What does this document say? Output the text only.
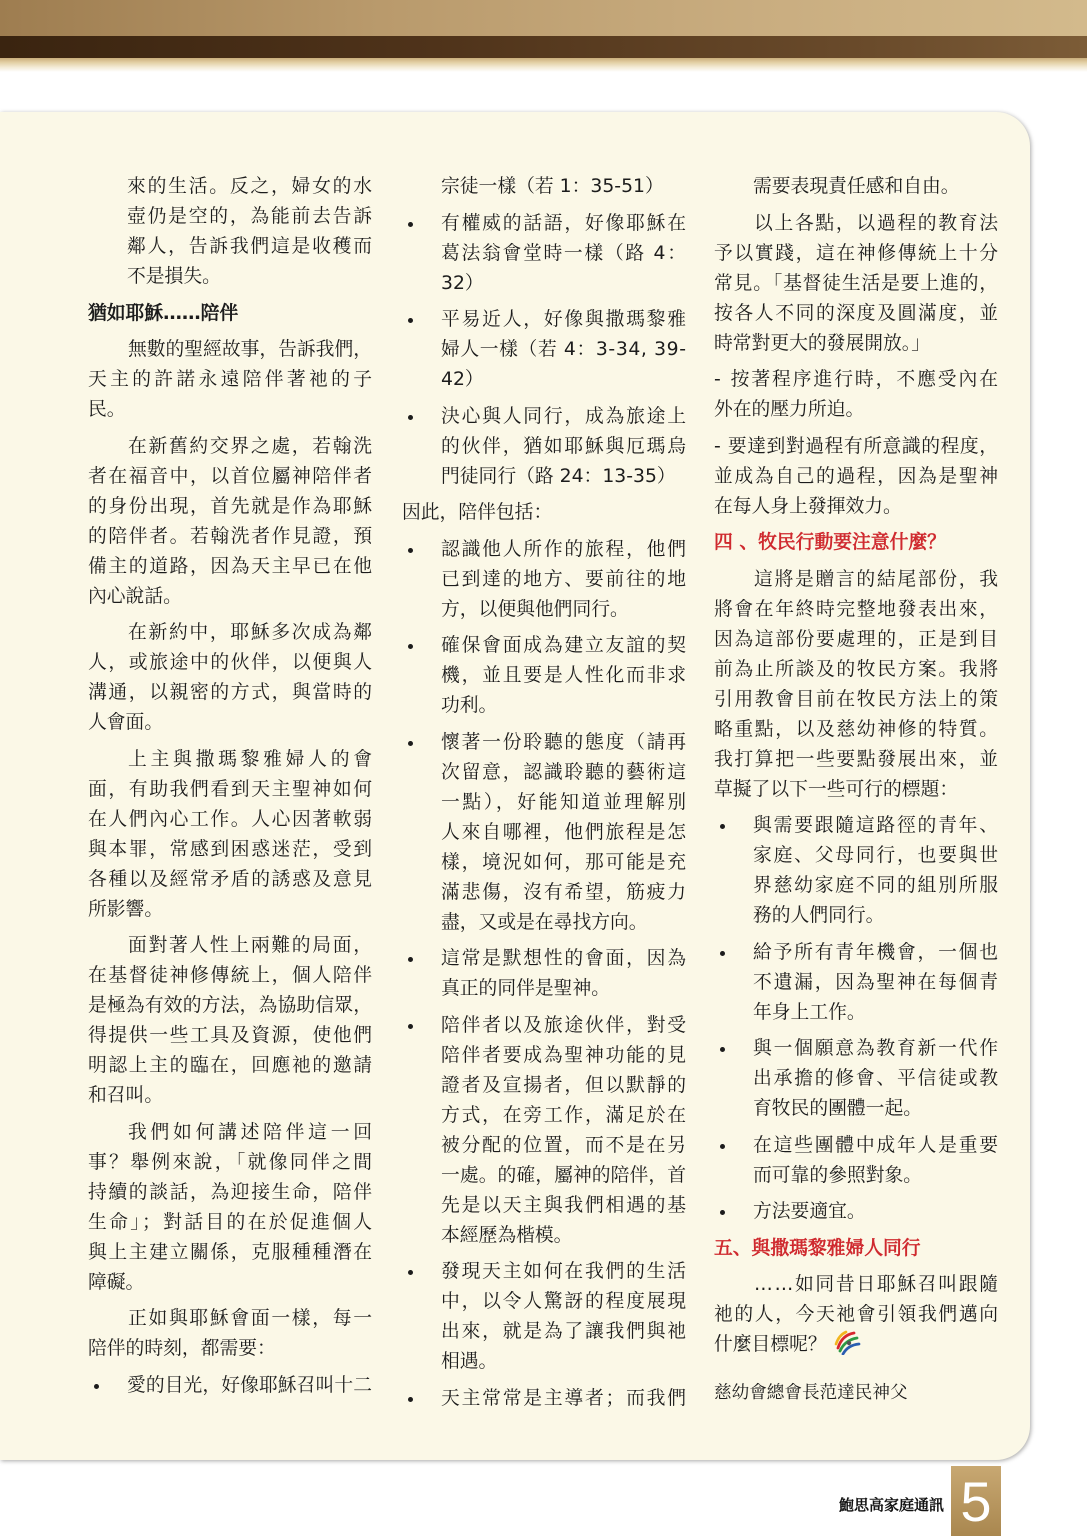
來的生活。反之，婦女的水
壺仍是空的，為能前去告訴
鄰人，告訴我們這是收穫而
不是損失。
猶如耶穌……陪伴
無數的聖經故事，告訴我們，
天主的許諾永遠陪伴著祂的子
民。
在新舊約交界之處，若翰洗
者在福音中，以首位屬神陪伴者
的身份出現，首先就是作為耶穌
的陪伴者。若翰洗者作見證，預
備主的道路，因為天主早已在他
內心說話。
在新約中，耶穌多次成為鄰
人，或旅途中的伙伴，以便與人
溝通，以親密的方式，與當時的
人會面。
上主與撒瑪黎雅婦人的會
面，有助我們看到天主聖神如何
在人們內心工作。人心因著軟弱
與本罪，常感到困惑迷茫，受到
各種以及經常矛盾的誘惑及意見
所影響。
面對著人性上兩難的局面，
在基督徒神修傳統上，個人陪伴
是極為有效的方法，為協助信眾，
得提供一些工具及資源，使他們
明認上主的臨在，回應祂的邀請
和召叫。
我們如何講述陪伴這一回
事？舉例來說，「就像同伴之間
持續的談話，為迎接生命，陪伴
生命」；對話目的在於促進個人
與上主建立關係，克服種種潛在
障礙。
正如與耶穌會面一樣，每一
陪伴的時刻，都需要：
愛的目光，好像耶穌召叫十二
宗徒一樣（若 1：35-51）
有權威的話語，好像耶穌在
葛法翁會堂時一樣（路 4：
32）
平易近人，好像與撒瑪黎雅
婦人一樣（若 4：3-34, 39-
42）
決心與人同行，成為旅途上
的伙伴，猶如耶穌與厄瑪烏
門徒同行（路 24：13-35）
因此，陪伴包括：
認識他人所作的旅程，他們
已到達的地方、要前往的地
方，以便與他們同行。
確保會面成為建立友誼的契
機，並且要是人性化而非求
功利。
懷著一份聆聽的態度（請再
次留意，認識聆聽的藝術這
一點），好能知道並理解別
人來自哪裡，他們旅程是怎
樣，境況如何，那可能是充
滿悲傷，沒有希望，筋疲力
盡，又或是在尋找方向。
這常是默想性的會面，因為
真正的同伴是聖神。
陪伴者以及旅途伙伴，對受
陪伴者要成為聖神功能的見
證者及宣揚者，但以默靜的
方式，在旁工作，滿足於在
被分配的位置，而不是在另
一處。的確，屬神的陪伴，首
先是以天主與我們相遇的基
本經歷為楷模。
發現天主如何在我們的生活
中，以令人驚訝的程度展現
出來，就是為了讓我們與祂
相遇。
天主常常是主導者；而我們
需要表現責任感和自由。
以上各點，以過程的教育法
予以實踐，這在神修傳統上十分
常見。「基督徒生活是要上進的，
按各人不同的深度及圓滿度，並
時常對更大的發展開放。」
- 按著程序進行時，不應受內在
外在的壓力所迫。
- 要達到對過程有所意識的程度，
並成為自己的過程，因為是聖神
在每人身上發揮效力。
四 、牧民行動要注意什麼？
這將是贈言的結尾部份，我
將會在年終時完整地發表出來，
因為這部份要處理的，正是到目
前為止所談及的牧民方案。我將
引用教會目前在牧民方法上的策
略重點，以及慈幼神修的特質。
我打算把一些要點發展出來，並
草擬了以下一些可行的標題：
與需要跟隨這路徑的青年、
家庭、父母同行，也要與世
界慈幼家庭不同的組別所服
務的人們同行。
給予所有青年機會，一個也
不遺漏，因為聖神在每個青
年身上工作。
與一個願意為教育新一代作
出承擔的修會、平信徒或教
育牧民的團體一起。
在這些團體中成年人是重要
而可靠的參照對象。
方法要適宜。
五、與撒瑪黎雅婦人同行
……如同昔日耶穌召叫跟隨
祂的人，今天祂會引領我們邁向
什麼目標呢？
慈幼會總會長范達民神父
鮑思高家庭通訊 5
